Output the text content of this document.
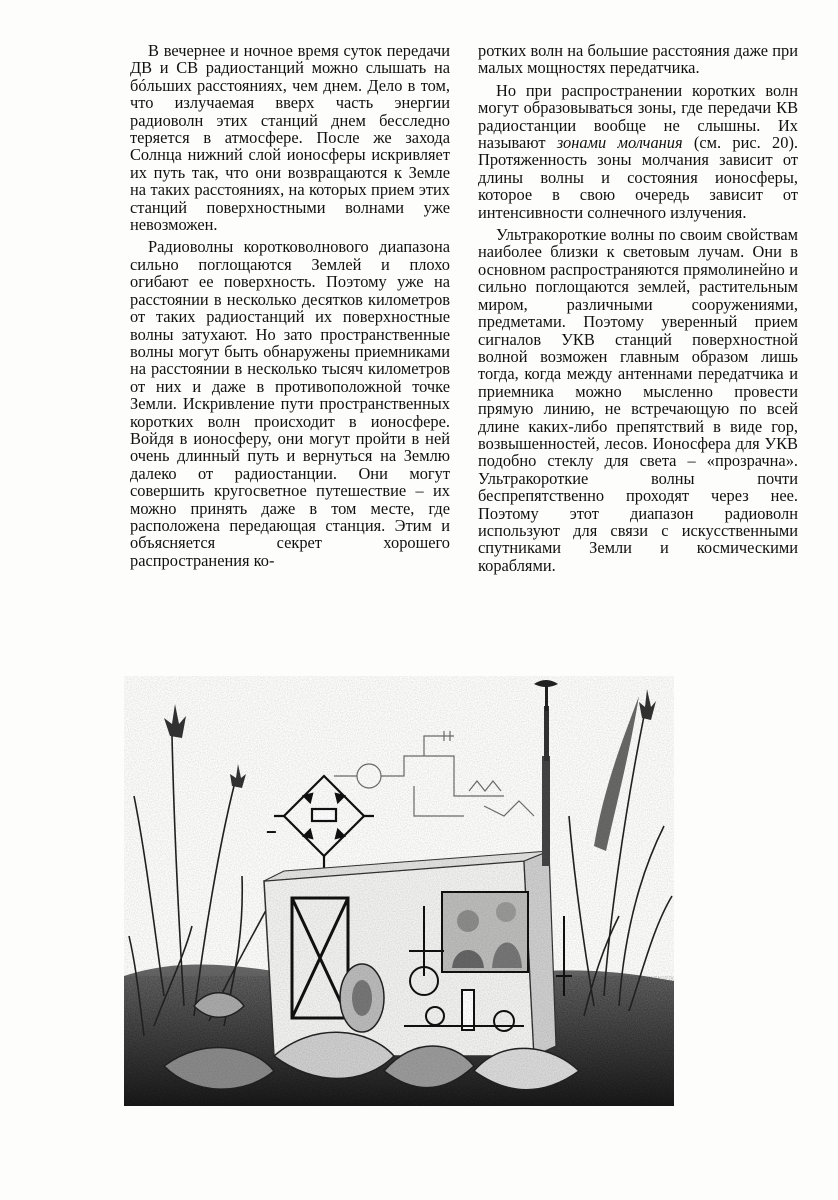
В вечернее и ночное время суток передачи ДВ и СВ радиостанций можно слышать на бóльших расстояниях, чем днем. Дело в том, что излучаемая вверх часть энергии радиоволн этих станций днем бесследно теряется в атмосфере. После же захода Солнца нижний слой ионосферы искривляет их путь так, что они возвращаются к Земле на таких расстояниях, на которых прием этих станций поверхностными волнами уже невозможен.

Радиоволны коротковолнового диапазона сильно поглощаются Землей и плохо огибают ее поверхность. Поэтому уже на расстоянии в несколько десятков километров от таких радиостанций их поверхностные волны затухают. Но зато пространственные волны могут быть обнаружены приемниками на расстоянии в несколько тысяч километров от них и даже в противоположной точке Земли. Искривление пути пространственных коротких волн происходит в ионосфере. Войдя в ионосферу, они могут пройти в ней очень длинный путь и вернуться на Землю далеко от радиостанции. Они могут совершить кругосветное путешествие – их можно принять даже в том месте, где расположена передающая станция. Этим и объясняется секрет хорошего распространения ко-

ротких волн на большие расстояния даже при малых мощностях передатчика.

Но при распространении коротких волн могут образовываться зоны, где передачи КВ радиостанции вообще не слышны. Их называют зонами молчания (см. рис. 20). Протяженность зоны молчания зависит от длины волны и состояния ионосферы, которое в свою очередь зависит от интенсивности солнечного излучения.

Ультракороткие волны по своим свойствам наиболее близки к световым лучам. Они в основном распространяются прямолинейно и сильно поглощаются землей, растительным миром, различными сооружениями, предметами. Поэтому уверенный прием сигналов УКВ станций поверхностной волной возможен главным образом лишь тогда, когда между антеннами передатчика и приемника можно мысленно провести прямую линию, не встречающую по всей длине каких-либо препятствий в виде гор, возвышенностей, лесов. Ионосфера для УКВ подобно стеклу для света – «прозрачна». Ультракороткие волны почти беспрепятственно проходят через нее. Поэтому этот диапазон радиоволн используют для связи с искусственными спутниками Земли и космическими кораблями.

−
